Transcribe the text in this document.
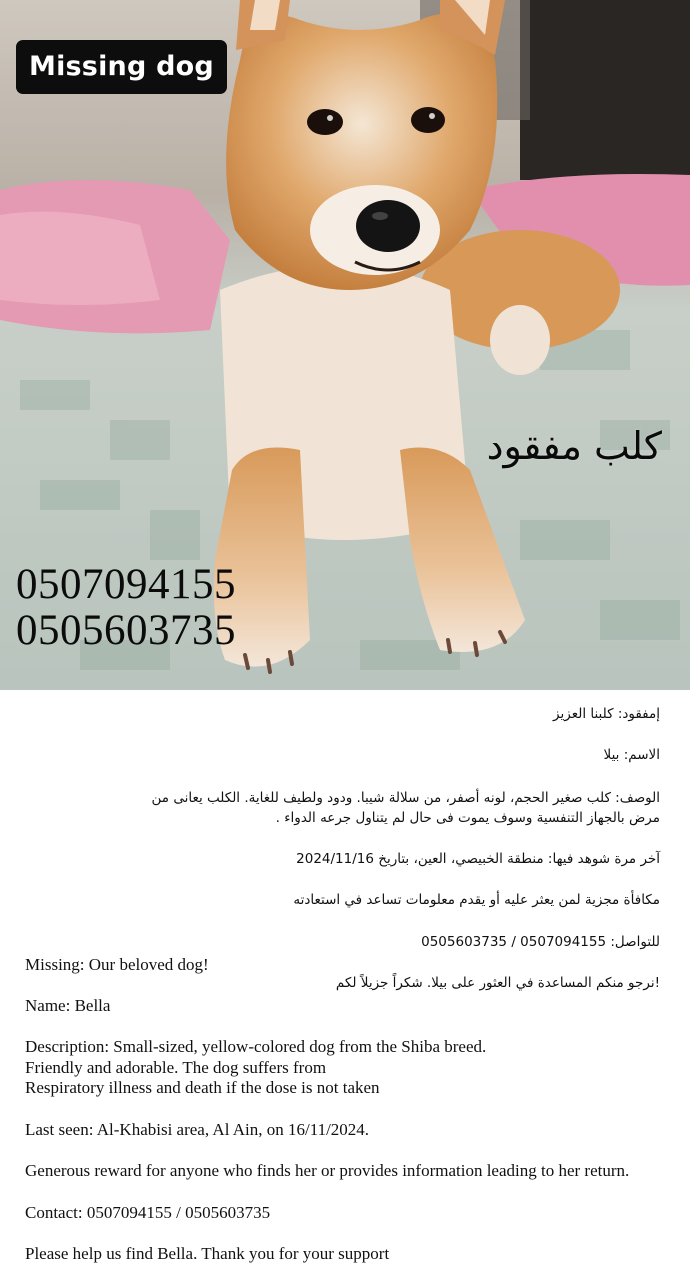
Missing dog
كلب مفقود
0507094155
0505603735
إمفقود: كلبنا العزيز
الاسم: بيلا
الوصف: كلب صغير الحجم، لونه أصفر، من سلالة شيبا. ودود ولطيف للغاية. الكلب يعانى من
مرض بالجهاز التنفسية وسوف يموت فى حال لم يتناول جرعه الدواء .
آخر مرة شوهد فيها: منطقة الخبيصي، العين، بتاريخ 2024/11/16
مكافأة مجزية لمن يعثر عليه أو يقدم معلومات تساعد في استعادته
للتواصل: 0507094155 / 0505603735
!نرجو منكم المساعدة في العثور على بيلا. شكراً جزيلاً لكم
Missing: Our beloved dog!
Name: Bella
Description: Small-sized, yellow-colored dog from the Shiba breed.
Friendly and adorable. The dog suffers from
Respiratory illness and death if the dose is not taken
Last seen: Al-Khabisi area, Al Ain, on 16/11/2024.
Generous reward for anyone who finds her or provides information leading to her return.
Contact: 0507094155 / 0505603735
Please help us find Bella. Thank you for your support
